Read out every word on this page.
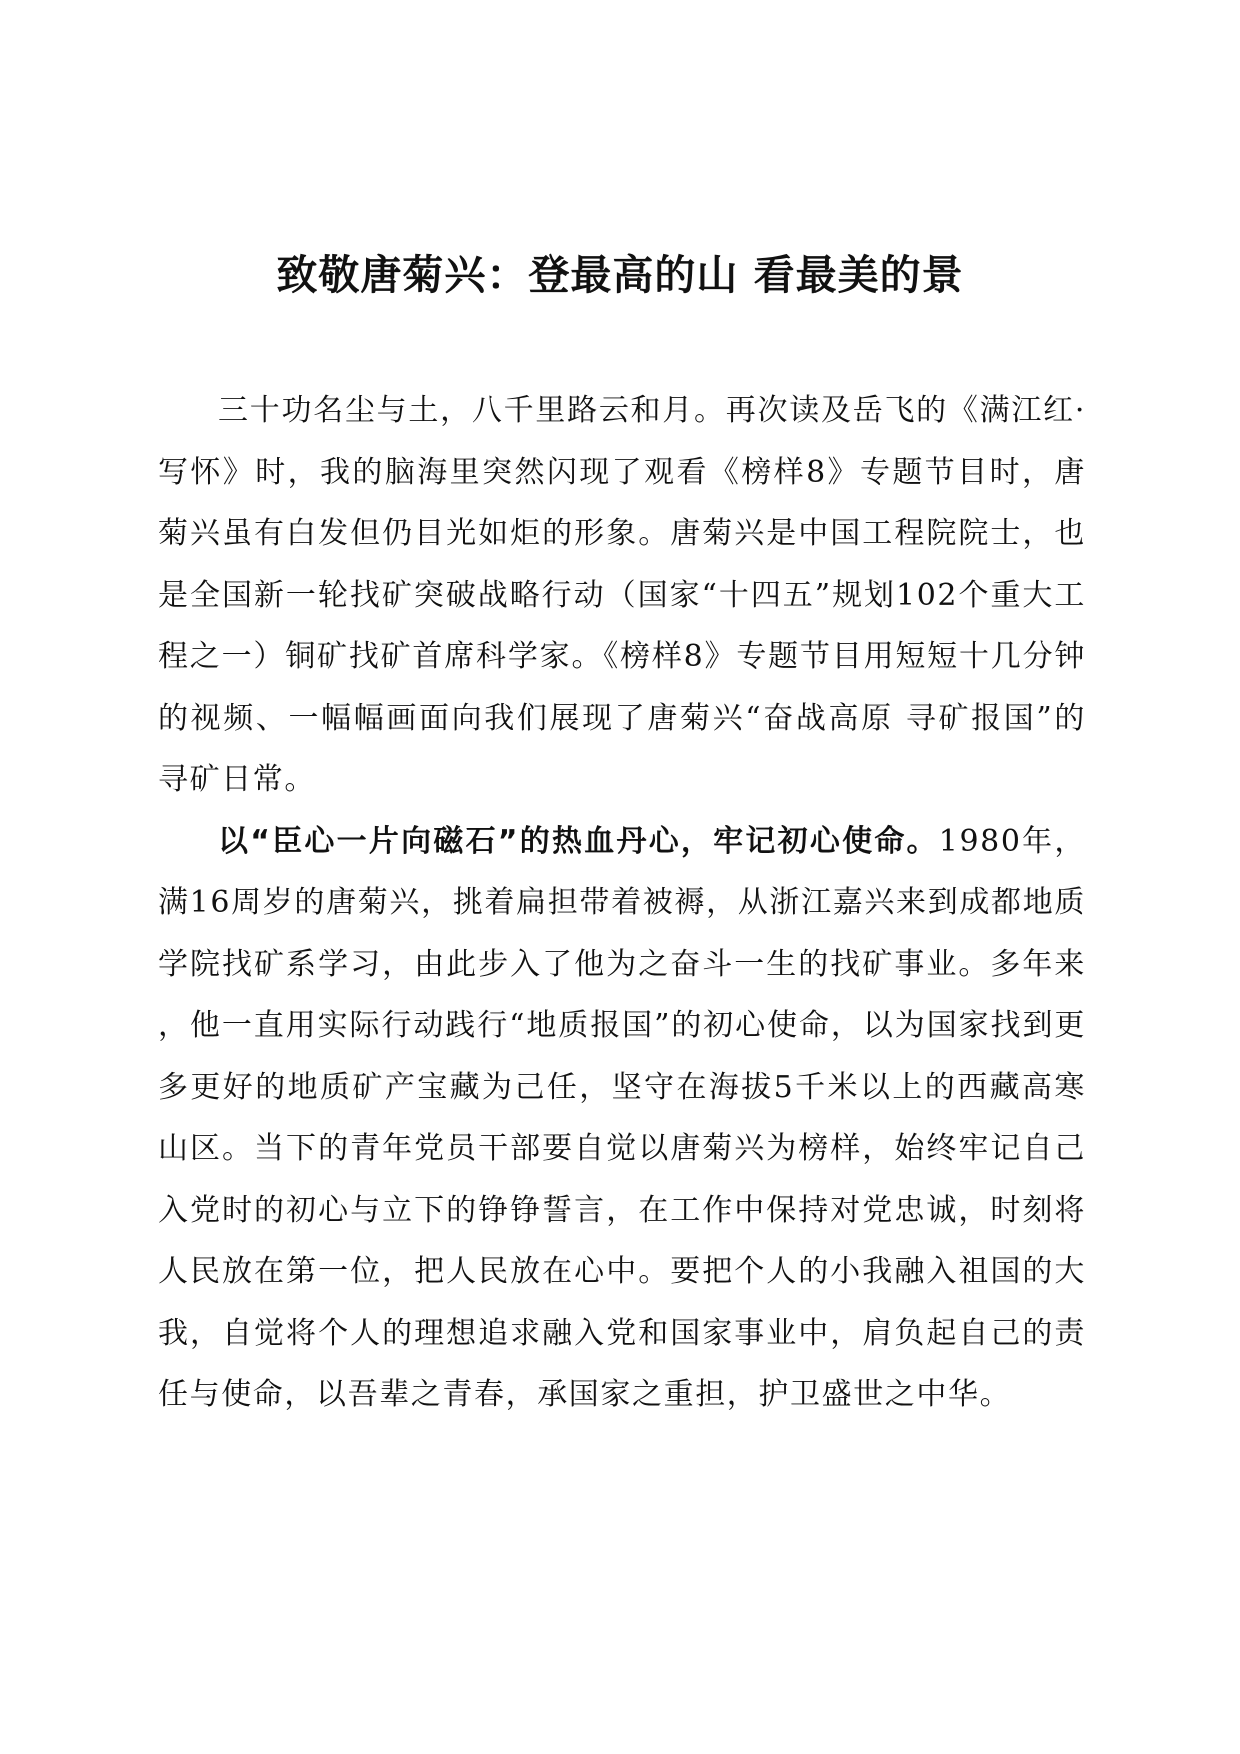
致敬唐菊兴：登最高的山 看最美的景

三十功名尘与土，八千里路云和月。再次读及岳飞的《满江红·写怀》时，我的脑海里突然闪现了观看《榜样8》专题节目时，唐菊兴虽有白发但仍目光如炬的形象。唐菊兴是中国工程院院士，也是全国新一轮找矿突破战略行动（国家“十四五”规划102个重大工程之一）铜矿找矿首席科学家。《榜样8》专题节目用短短十几分钟的视频、一幅幅画面向我们展现了唐菊兴“奋战高原 寻矿报国”的寻矿日常。

以“臣心一片向磁石”的热血丹心，牢记初心使命。1980年，满16周岁的唐菊兴，挑着扁担带着被褥，从浙江嘉兴来到成都地质学院找矿系学习，由此步入了他为之奋斗一生的找矿事业。多年来，他一直用实际行动践行“地质报国”的初心使命，以为国家找到更多更好的地质矿产宝藏为己任，坚守在海拔5千米以上的西藏高寒山区。当下的青年党员干部要自觉以唐菊兴为榜样，始终牢记自己入党时的初心与立下的铮铮誓言，在工作中保持对党忠诚，时刻将人民放在第一位，把人民放在心中。要把个人的小我融入祖国的大我，自觉将个人的理想追求融入党和国家事业中，肩负起自己的责任与使命，以吾辈之青春，承国家之重担，护卫盛世之中华。
